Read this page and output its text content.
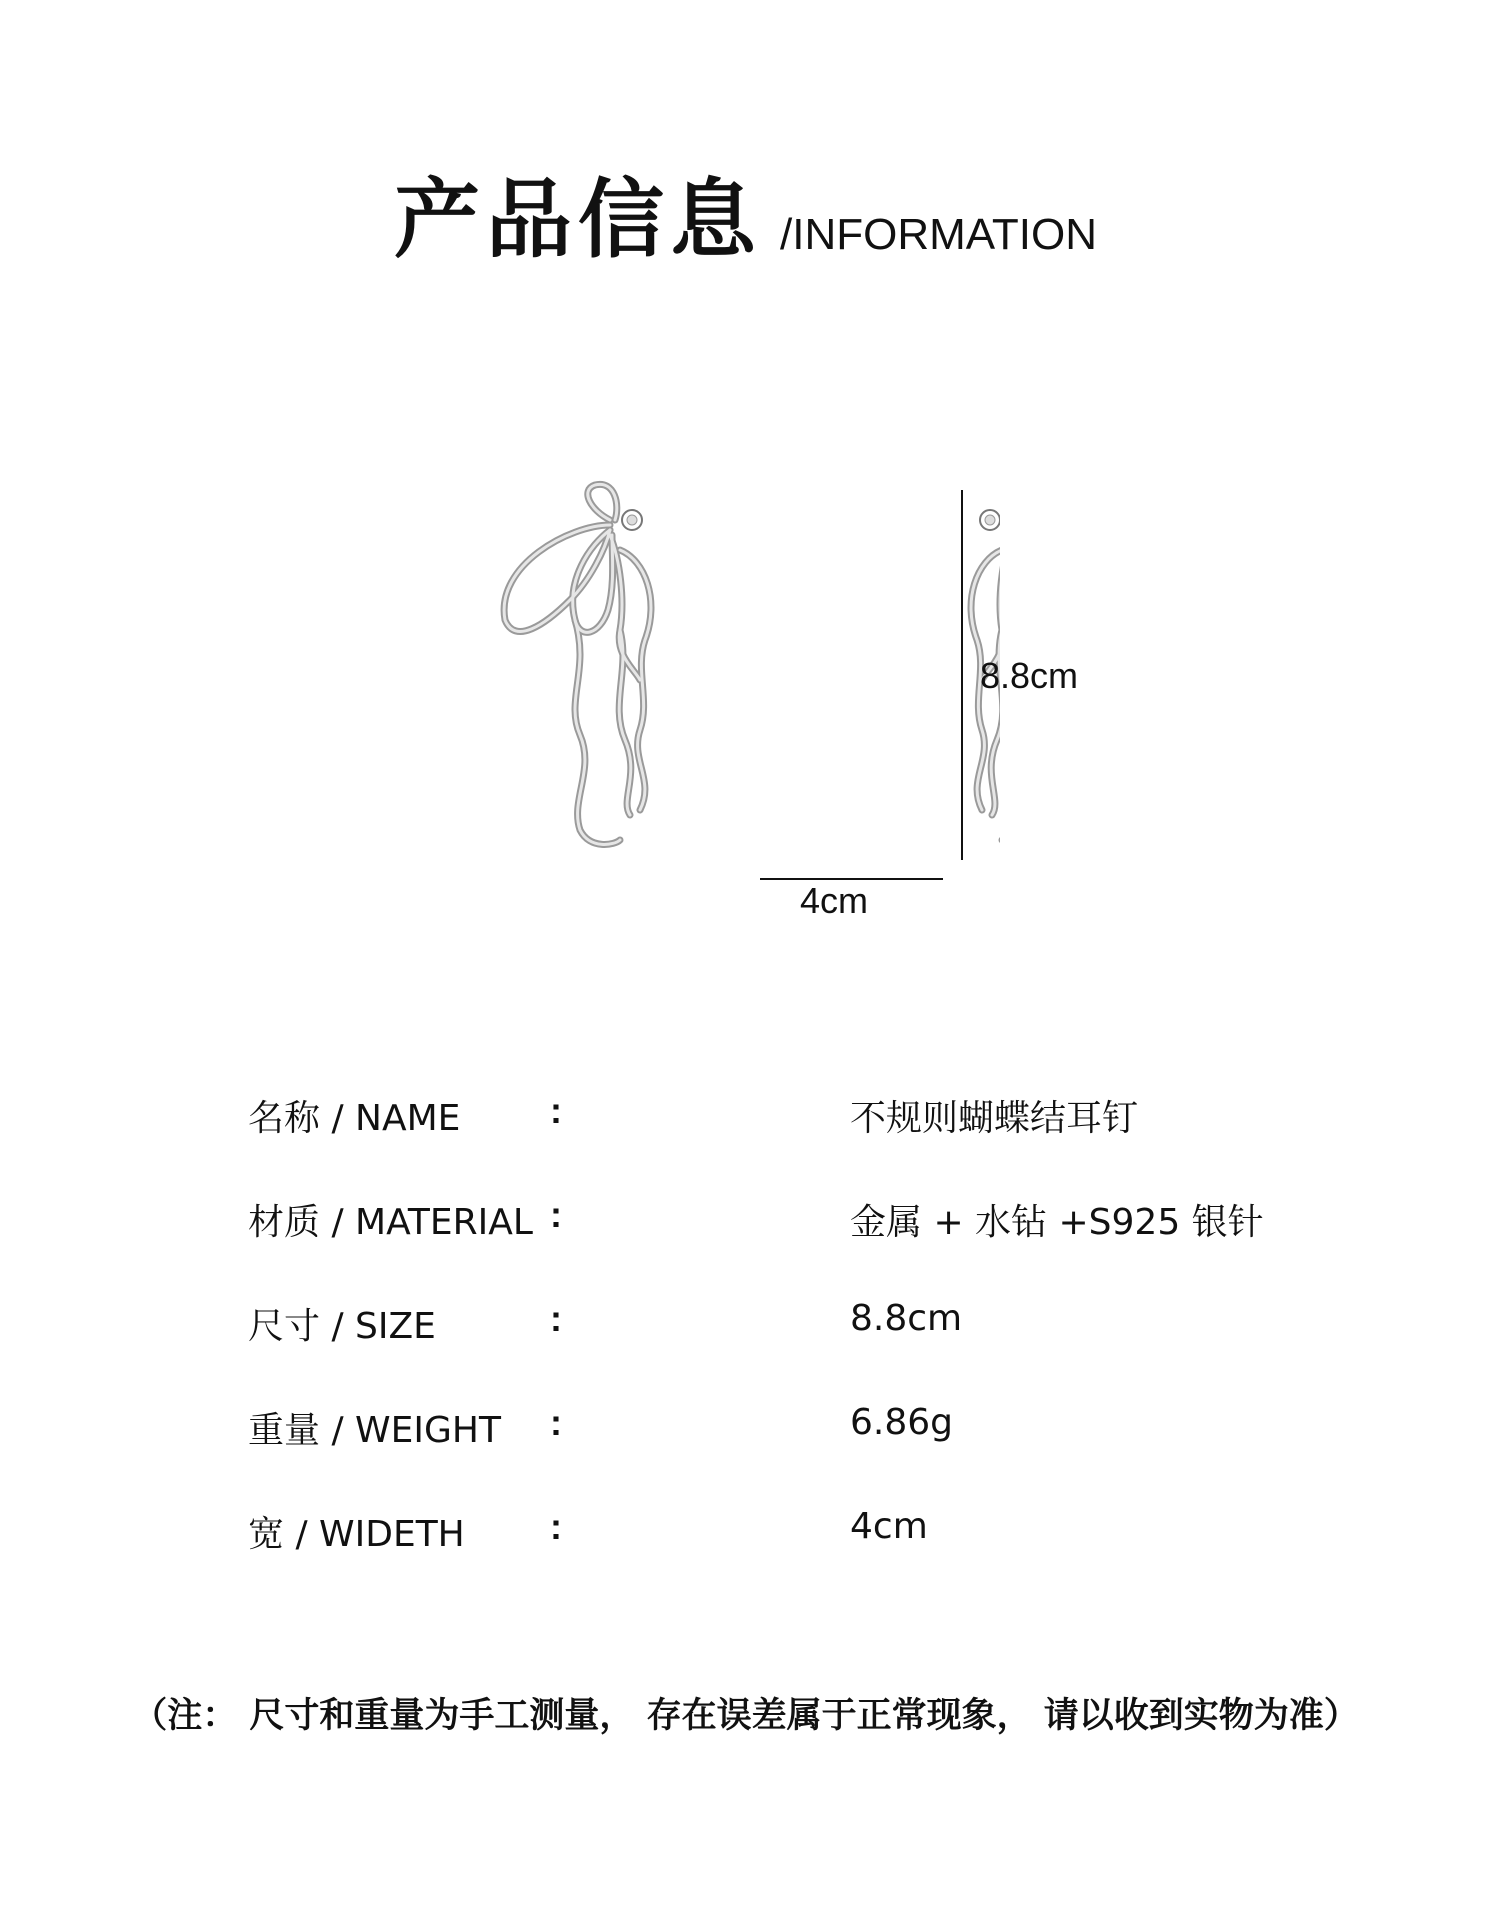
产品信息 /INFORMATION
8.8cm
4cm
名称 / NAME :	不规则蝴蝶结耳钉
材质 / MATERIAL :	金属 + 水钻 +S925 银针
尺寸 / SIZE	:	8.8cm
重量 / WEIGHT :	6.86g
宽 / WIDETH :	4cm
（注： 尺寸和重量为手工测量， 存在误差属于正常现象， 请以收到实物为准）
